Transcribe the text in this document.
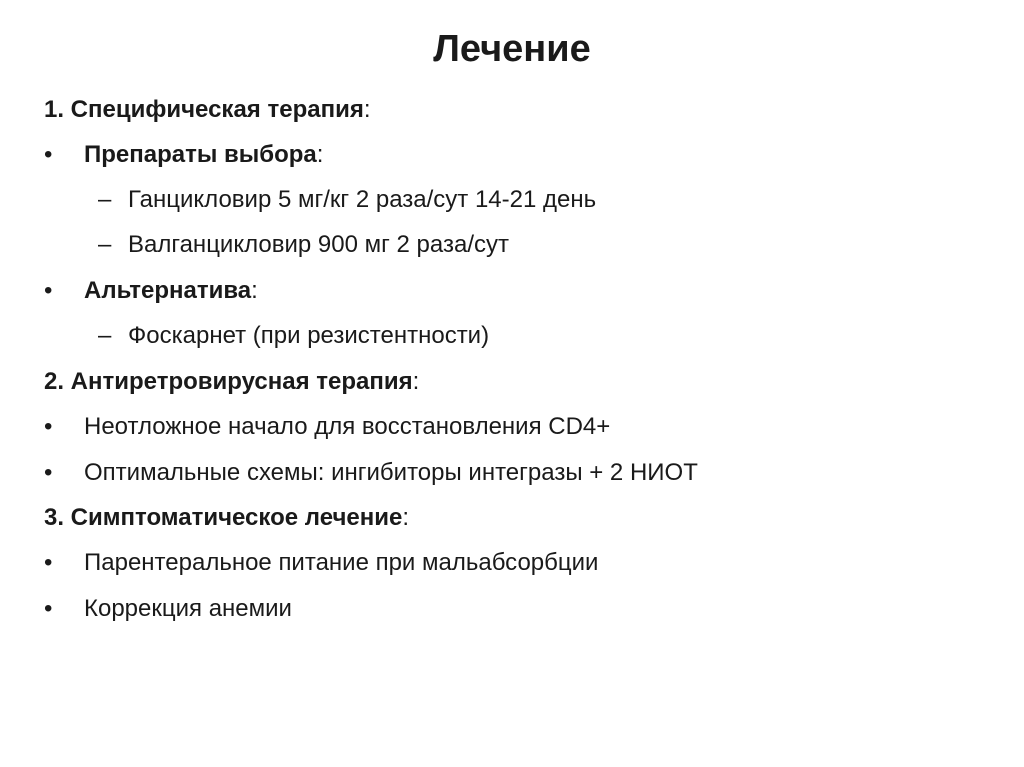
Лечение
1. Специфическая терапия:
• Препараты выбора:
– Ганцикловир 5 мг/кг 2 раза/сут 14-21 день
– Валганцикловир 900 мг 2 раза/сут
• Альтернатива:
– Фоскарнет (при резистентности)
2. Антиретровирусная терапия:
• Неотложное начало для восстановления CD4+
• Оптимальные схемы: ингибиторы интегразы + 2 НИОТ
3. Симптоматическое лечение:
• Парентеральное питание при мальабсорбции
• Коррекция анемии
